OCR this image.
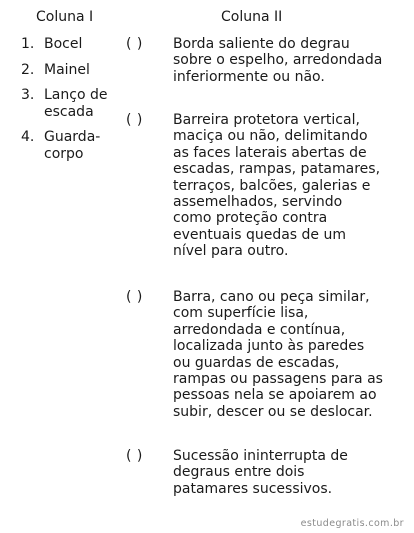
Coluna I	Coluna II
1. Bocel
2. Mainel
3. Lanço de escada
4. Guarda-corpo
( )	Borda saliente do degrau sobre o espelho, arredondada inferiormente ou não.
( )	Barreira protetora vertical, maciça ou não, delimitando as faces laterais abertas de escadas, rampas, patamares, terraços, balcões, galerias e assemelhados, servindo como proteção contra eventuais quedas de um nível para outro.
( )	Barra, cano ou peça similar, com superfície lisa, arredondada e contínua, localizada junto às paredes ou guardas de escadas, rampas ou passagens para as pessoas nela se apoiarem ao subir, descer ou se deslocar.
( )	Sucessão ininterrupta de degraus entre dois patamares sucessivos.
estudegratis.com.br
